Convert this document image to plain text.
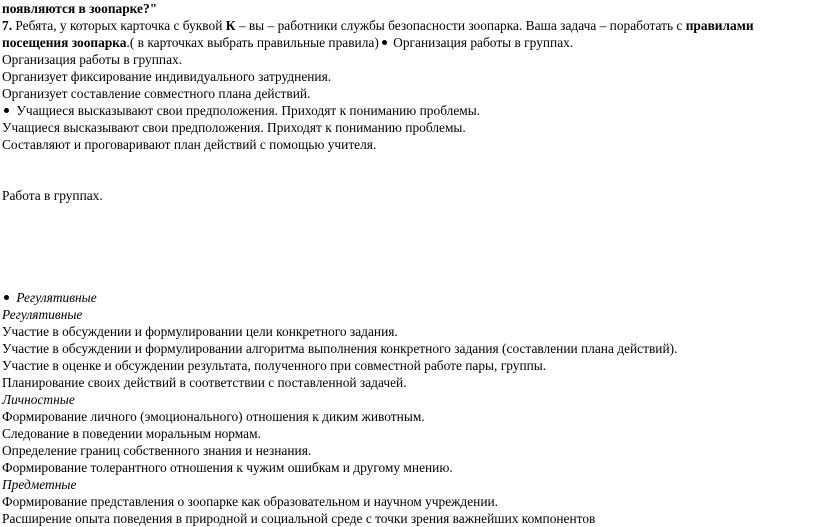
появляются в зоопарке?"
7. Ребята, у которых карточка с буквой К – вы – работники службы безопасности зоопарка. Ваша задача – поработать с правилами посещения зоопарка.( в карточках выбрать правильные правила) Организация работы в группах.
Организация работы в группах.
Организует фиксирование индивидуального затруднения.
Организует составление совместного плана действий.
Учащиеся высказывают свои предположения. Приходят к пониманию проблемы.
Учащиеся высказывают свои предположения. Приходят к пониманию проблемы.
Составляют и проговаривают план действий с помощью учителя.
Работа в группах.
Регулятивные
Регулятивные
Участие в обсуждении и формулировании цели конкретного задания.
Участие в обсуждении и формулировании алгоритма выполнения конкретного задания (составлении плана действий).
Участие в оценке и обсуждении результата, полученного при совместной работе пары, группы.
Планирование своих действий в соответствии с поставленной задачей.
Личностные
Формирование личного (эмоционального) отношения к диким животным.
Следование в поведении моральным нормам.
Определение границ собственного знания и незнания.
Формирование толерантного отношения к чужим ошибкам и другому мнению.
Предметные
Формирование представления о зоопарке как образовательном и научном учреждении.
Расширение опыта поведения в природной и социальной среде с точки зрения важнейших компонентов
